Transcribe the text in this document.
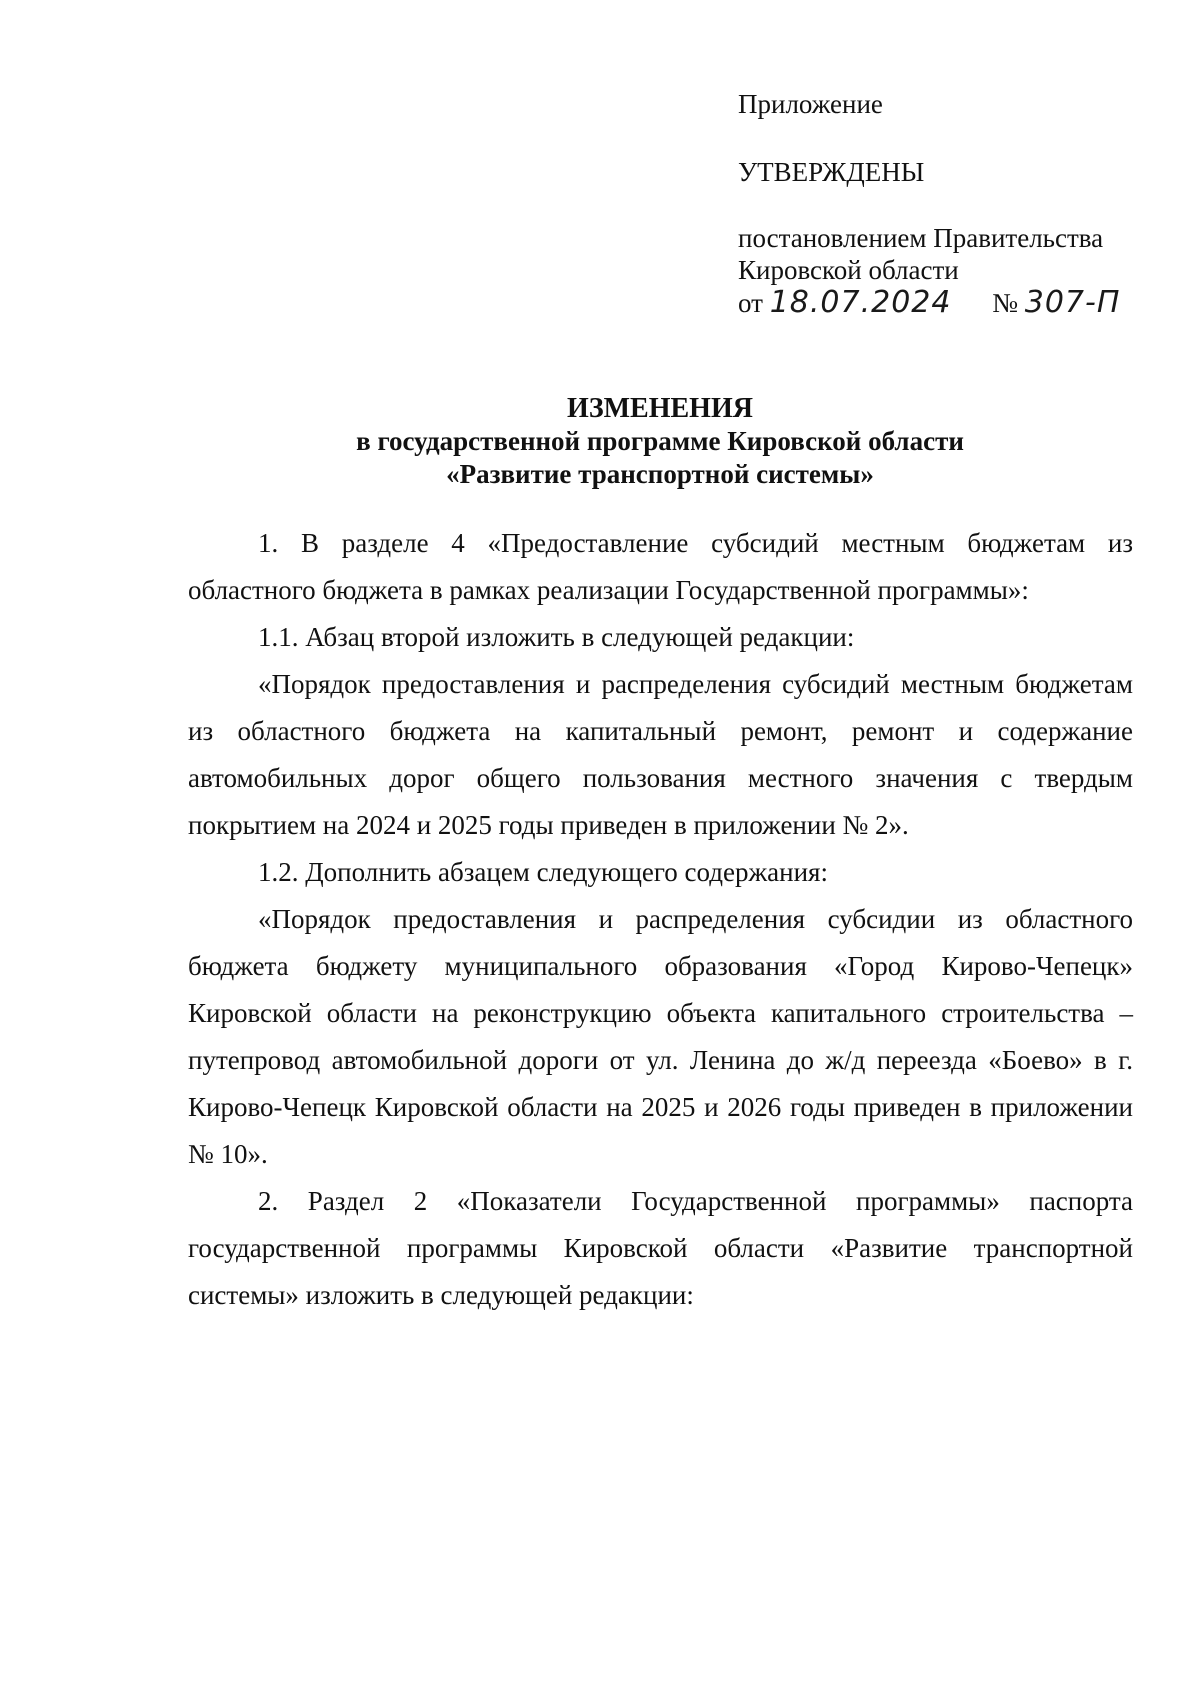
Приложение
УТВЕРЖДЕНЫ
постановлением Правительства
Кировской области
от 18.07.2024 № 307-П
ИЗМЕНЕНИЯ
в государственной программе Кировской области
«Развитие транспортной системы»

1. В разделе 4 «Предоставление субсидий местным бюджетам из областного бюджета в рамках реализации Государственной программы»:

1.1. Абзац второй изложить в следующей редакции:

«Порядок предоставления и распределения субсидий местным бюджетам из областного бюджета на капитальный ремонт, ремонт и содержание автомобильных дорог общего пользования местного значения с твердым покрытием на 2024 и 2025 годы приведен в приложении № 2».

1.2. Дополнить абзацем следующего содержания:

«Порядок предоставления и распределения субсидии из областного бюджета бюджету муниципального образования «Город Кирово-Чепецк» Кировской области на реконструкцию объекта капитального строительства – путепровод автомобильной дороги от ул. Ленина до ж/д переезда «Боево» в г. Кирово-Чепецк Кировской области на 2025 и 2026 годы приведен в приложении № 10».

2. Раздел 2 «Показатели Государственной программы» паспорта государственной программы Кировской области «Развитие транспортной системы» изложить в следующей редакции:
